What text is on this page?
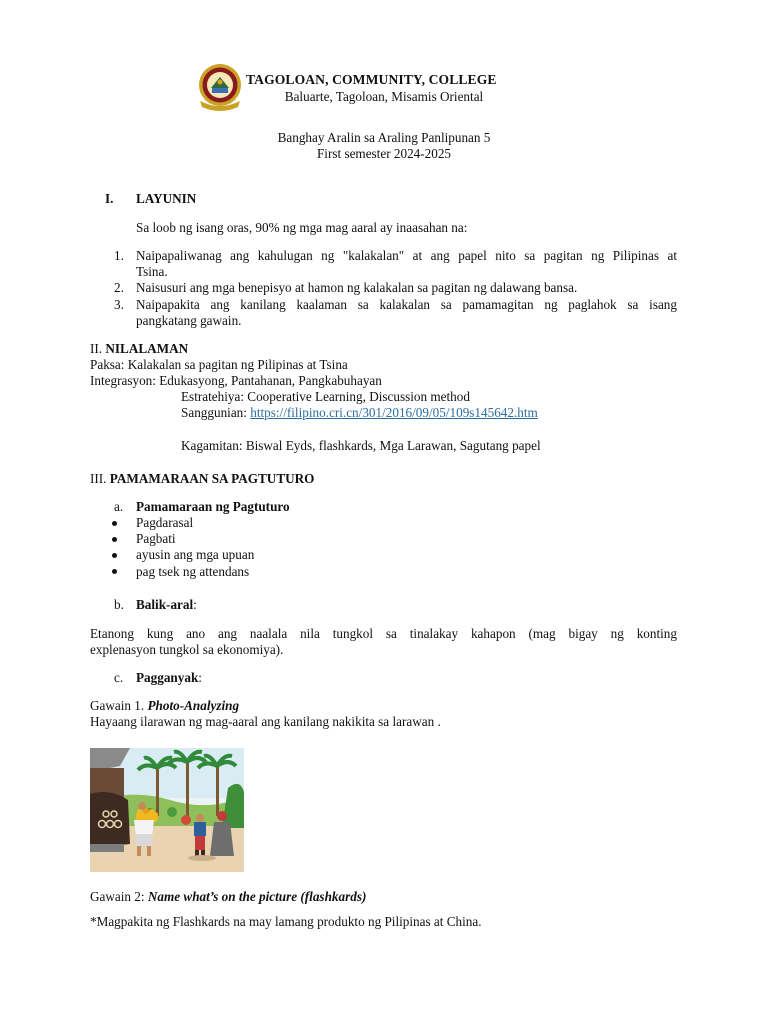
TAGOLOAN, COMMUNITY, COLLEGE
Baluarte, Tagoloan, Misamis Oriental
Banghay Aralin sa Araling Panlipunan 5
First semester 2024-2025
I. LAYUNIN
Sa loob ng isang oras, 90% ng mga mag aaral ay inaasahan na:
1. Naipapaliwanag ang kahulugan ng "kalakalan" at ang papel nito sa pagitan ng Pilipinas at
Tsina.
2. Naisusuri ang mga benepisyo at hamon ng kalakalan sa pagitan ng dalawang bansa.
3. Naipapakita ang kanilang kaalaman sa kalakalan sa pamamagitan ng paglahok sa isang
pangkatang gawain.
II. NILALAMAN
Paksa: Kalakalan sa pagitan ng Pilipinas at Tsina
Integrasyon: Edukasyong, Pantahanan, Pangkabuhayan
Estratehiya: Cooperative Learning, Discussion method
Sanggunian: https://filipino.cri.cn/301/2016/09/05/109s145642.htm
Kagamitan: Biswal Eyds, flashkards, Mga Larawan, Sagutang papel
III. PAMAMARAAN SA PAGTUTURO
a. Pamamaraan ng Pagtuturo
Pagdarasal
Pagbati
ayusin ang mga upuan
pag tsek ng attendans
b. Balik-aral:
Etanong kung ano ang naalala nila tungkol sa tinalakay kahapon (mag bigay ng konting
explenasyon tungkol sa ekonomiya).
c. Pagganyak:
Gawain 1. Photo-Analyzing
Hayaang ilarawan ng mag-aaral ang kanilang nakikita sa larawan .
Gawain 2: Name what’s on the picture (flashkards)
*Magpakita ng Flashkards na may lamang produkto ng Pilipinas at China.
